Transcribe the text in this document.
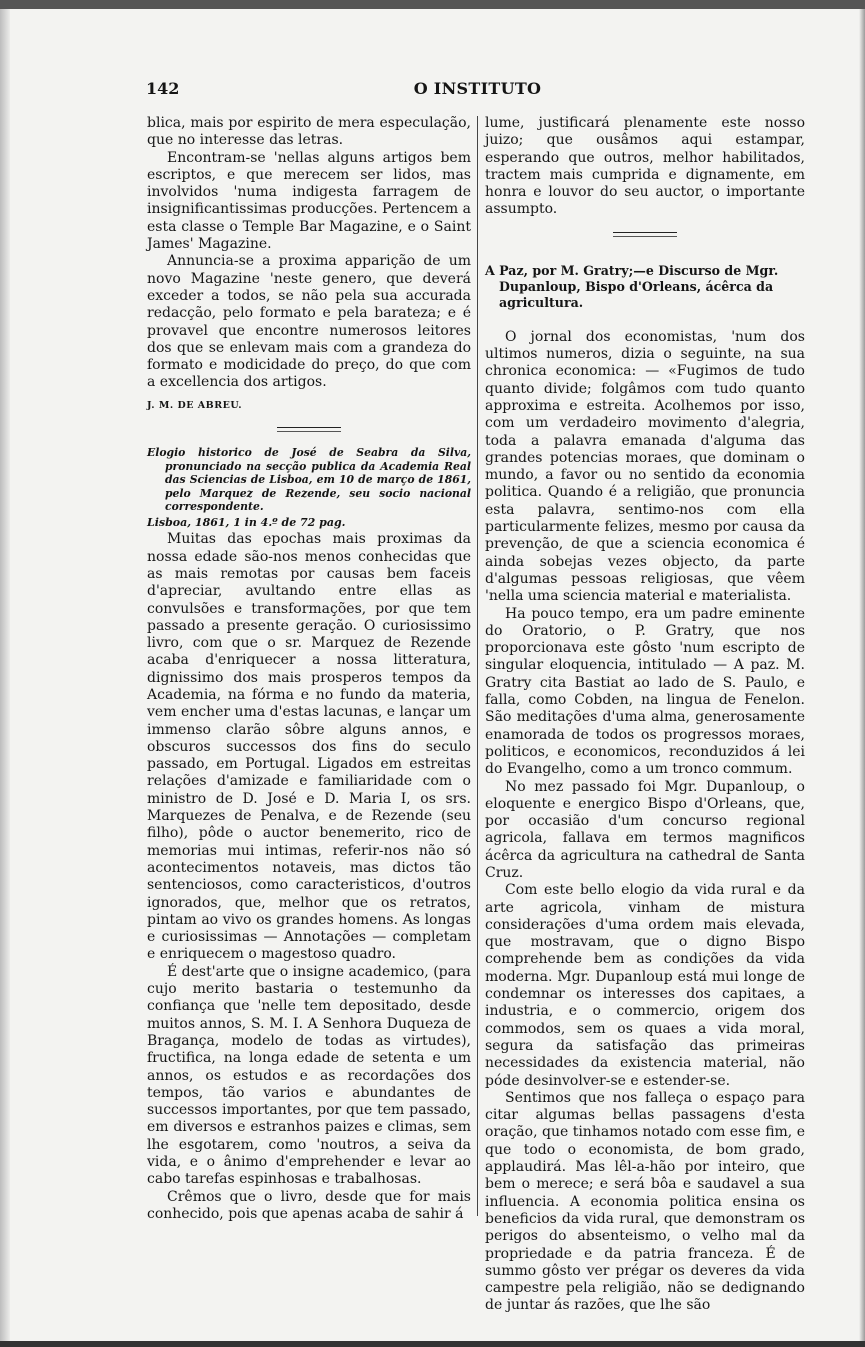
142	O INSTITUTO

blica, mais por espirito de mera especulação, que no interesse das letras.

Encontram-se 'nellas alguns artigos bem escriptos, e que merecem ser lidos, mas involvidos 'numa indigesta farragem de insignificantissimas producções. Pertencem a esta classe o Temple Bar Magazine, e o Saint James' Magazine.

Annuncia-se a proxima apparição de um novo Magazine 'neste genero, que deverá exceder a todos, se não pela sua accurada redacção, pelo formato e pela barateza; e é provavel que encontre numerosos leitores dos que se enlevam mais com a grandeza do formato e modicidade do preço, do que com a excellencia dos artigos.

J. M. DE ABREU.

Elogio historico de José de Seabra da Silva, pronunciado na secção publica da Academia Real das Sciencias de Lisboa, em 10 de março de 1861, pelo Marquez de Rezende, seu socio nacional correspondente.

Lisboa, 1861, 1 in 4.º de 72 pag.

Muitas das epochas mais proximas da nossa edade são-nos menos conhecidas que as mais remotas por causas bem faceis d'apreciar, avultando entre ellas as convulsões e transformações, por que tem passado a presente geração. O curiosissimo livro, com que o sr. Marquez de Rezende acaba d'enriquecer a nossa litteratura, dignissimo dos mais prosperos tempos da Academia, na fórma e no fundo da materia, vem encher uma d'estas lacunas, e lançar um immenso clarão sôbre alguns annos, e obscuros successos dos fins do seculo passado, em Portugal. Ligados em estreitas relações d'amizade e familiaridade com o ministro de D. José e D. Maria I, os srs. Marquezes de Penalva, e de Rezende (seu filho), pôde o auctor benemerito, rico de memorias mui intimas, referir-nos não só acontecimentos notaveis, mas dictos tão sentenciosos, como caracteristicos, d'outros ignorados, que, melhor que os retratos, pintam ao vivo os grandes homens. As longas e curiosissimas — Annotações — completam e enriquecem o magestoso quadro.

É dest'arte que o insigne academico, (para cujo merito bastaria o testemunho da confiança que 'nelle tem depositado, desde muitos annos, S. M. I. A Senhora Duqueza de Bragança, modelo de todas as virtudes), fructifica, na longa edade de setenta e um annos, os estudos e as recordações dos tempos, tão varios e abundantes de successos importantes, por que tem passado, em diversos e estranhos paizes e climas, sem lhe esgotarem, como 'noutros, a seiva da vida, e o ânimo d'emprehender e levar ao cabo tarefas espinhosas e trabalhosas.

Crêmos que o livro, desde que for mais conhecido, pois que apenas acaba de sahir á

lume, justificará plenamente este nosso juizo; que ousâmos aqui estampar, esperando que outros, melhor habilitados, tractem mais cumprida e dignamente, em honra e louvor do seu auctor, o importante assumpto.

A Paz, por M. Gratry;—e Discurso de Mgr. Dupanloup, Bispo d'Orleans, ácêrca da agricultura.

O jornal dos economistas, 'num dos ultimos numeros, dizia o seguinte, na sua chronica economica: — «Fugimos de tudo quanto divide; folgâmos com tudo quanto approxima e estreita. Acolhemos por isso, com um verdadeiro movimento d'alegria, toda a palavra emanada d'alguma das grandes potencias moraes, que dominam o mundo, a favor ou no sentido da economia politica. Quando é a religião, que pronuncia esta palavra, sentimo-nos com ella particularmente felizes, mesmo por causa da prevenção, de que a sciencia economica é ainda sobejas vezes objecto, da parte d'algumas pessoas religiosas, que vêem 'nella uma sciencia material e materialista.

Ha pouco tempo, era um padre eminente do Oratorio, o P. Gratry, que nos proporcionava este gôsto 'num escripto de singular eloquencia, intitulado — A paz. M. Gratry cita Bastiat ao lado de S. Paulo, e falla, como Cobden, na lingua de Fenelon. São meditações d'uma alma, generosamente enamorada de todos os progressos moraes, politicos, e economicos, reconduzidos á lei do Evangelho, como a um tronco commum.

No mez passado foi Mgr. Dupanloup, o eloquente e energico Bispo d'Orleans, que, por occasião d'um concurso regional agricola, fallava em termos magnificos ácêrca da agricultura na cathedral de Santa Cruz.

Com este bello elogio da vida rural e da arte agricola, vinham de mistura considerações d'uma ordem mais elevada, que mostravam, que o digno Bispo comprehende bem as condições da vida moderna. Mgr. Dupanloup está mui longe de condemnar os interesses dos capitaes, a industria, e o commercio, origem dos commodos, sem os quaes a vida moral, segura da satisfação das primeiras necessidades da existencia material, não póde desinvolver-se e estender-se.

Sentimos que nos falleça o espaço para citar algumas bellas passagens d'esta oração, que tinhamos notado com esse fim, e que todo o economista, de bom grado, applaudirá. Mas lêl-a-hão por inteiro, que bem o merece; e será bôa e saudavel a sua influencia. A economia politica ensina os beneficios da vida rural, que demonstram os perigos do absenteismo, o velho mal da propriedade e da patria franceza. É de summo gôsto ver prégar os deveres da vida campestre pela religião, não se dedignando de juntar ás razões, que lhe são
